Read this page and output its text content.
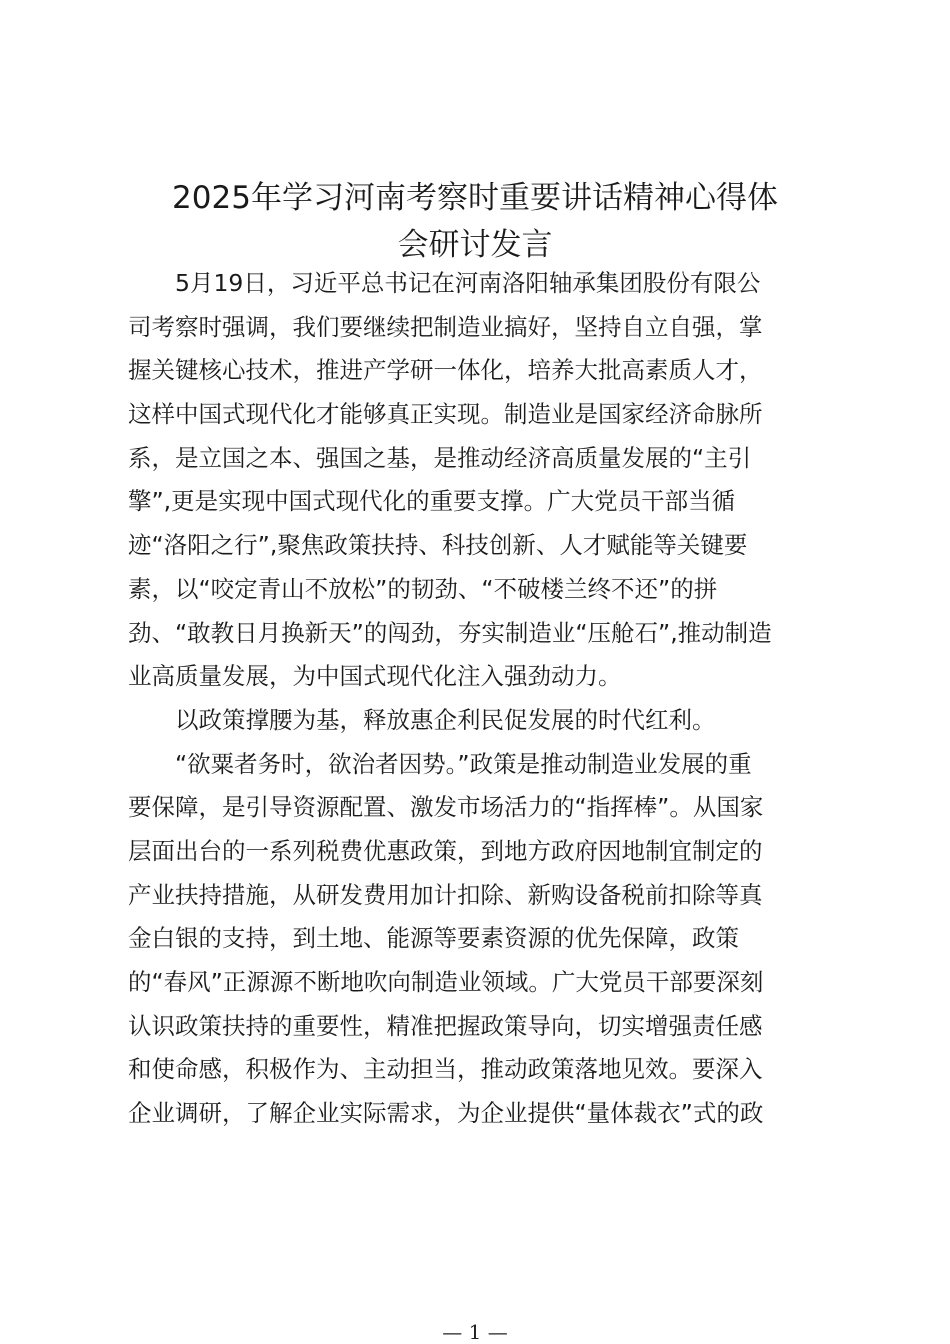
2025年学习河南考察时重要讲话精神心得体
会研讨发言
5月19日，习近平总书记在河南洛阳轴承集团股份有限公
司考察时强调，我们要继续把制造业搞好，坚持自立自强，掌
握关键核心技术，推进产学研一体化，培养大批高素质人才，
这样中国式现代化才能够真正实现。制造业是国家经济命脉所
系，是立国之本、强国之基，是推动经济高质量发展的“主引
擎”,更是实现中国式现代化的重要支撑。广大党员干部当循
迹“洛阳之行”,聚焦政策扶持、科技创新、人才赋能等关键要
素，以“咬定青山不放松”的韧劲、“不破楼兰终不还”的拼
劲、“敢教日月换新天”的闯劲，夯实制造业“压舱石”,推动制造
业高质量发展，为中国式现代化注入强劲动力。
以政策撑腰为基，释放惠企利民促发展的时代红利。
“欲粟者务时，欲治者因势。”政策是推动制造业发展的重
要保障，是引导资源配置、激发市场活力的“指挥棒”。从国家
层面出台的一系列税费优惠政策，到地方政府因地制宜制定的
产业扶持措施，从研发费用加计扣除、新购设备税前扣除等真
金白银的支持，到土地、能源等要素资源的优先保障，政策
的“春风”正源源不断地吹向制造业领域。广大党员干部要深刻
认识政策扶持的重要性，精准把握政策导向，切实增强责任感
和使命感，积极作为、主动担当，推动政策落地见效。要深入
企业调研，了解企业实际需求，为企业提供“量体裁衣”式的政
— 1 —
